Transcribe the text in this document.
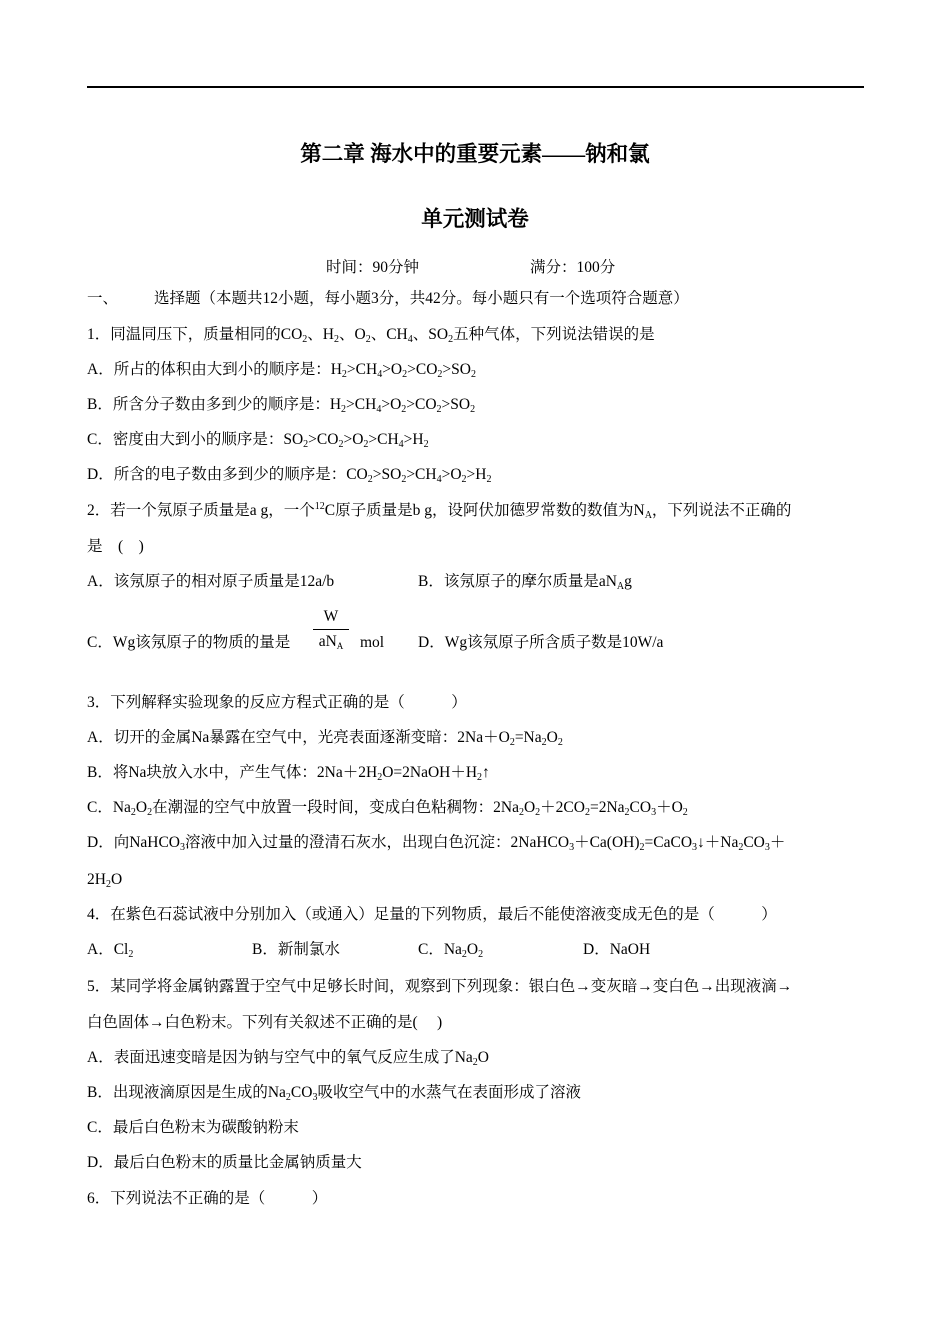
第二章 海水中的重要元素——钠和氯
单元测试卷
时间：90分钟	满分：100分
一、 选择题（本题共12小题，每小题3分，共42分。每小题只有一个选项符合题意）
1．同温同压下，质量相同的$CO_2$、$H_2$、$O_2$、$CH_4$、$SO_2$五种气体，下列说法错误的是
A．所占的体积由大到小的顺序是：$H_2>CH_4>O_2>CO_2>SO_2$
B．所含分子数由多到少的顺序是：$H_2>CH_4>O_2>CO_2>SO_2$
C．密度由大到小的顺序是：$SO_2>CO_2>O_2>CH_4>H_2$
D．所含的电子数由多到少的顺序是：$CO_2>SO_2>CH_4>O_2>H_2$
2．若一个氖原子质量是a g，一个$^{12}$C原子质量是b g，设阿伏加德罗常数的数值为$N_A$，下列说法不正确的
是　(　)
A．该氖原子的相对原子质量是12a/b	B．该氖原子的摩尔质量是$aN_Ag$
C．Wg该氖原子的物质的量是
W
$aN_A$	mol D．Wg该氖原子所含质子数是10W/a
3．下列解释实验现象的反应方程式正确的是（　　　）
A．切开的金属Na暴露在空气中，光亮表面逐渐变暗：$2Na+O_2=Na_2O_2$
B．将Na块放入水中，产生气体：$2Na+2H_2O=2NaOH+H_2↑$
C．$Na_2O_2$在潮湿的空气中放置一段时间，变成白色粘稠物：$2Na_2O_2+2CO_2=2Na_2CO_3+O_2$
D．向NaHCO$_3$溶液中加入过量的澄清石灰水，出现白色沉淀：$2NaHCO_3+Ca(OH)_2=CaCO_3↓+Na_2CO_3+$
$2H_2O$
4．在紫色石蕊试液中分别加入（或通入）足量的下列物质，最后不能使溶液变成无色的是（　　　）
A．$Cl_2$	B．新制氯水	C．$Na_2O_2$	D．NaOH
5．某同学将金属钠露置于空气中足够长时间，观察到下列现象：银白色→变灰暗→变白色→出现液滴→
白色固体→白色粉末。下列有关叙述不正确的是(　 )
A．表面迅速变暗是因为钠与空气中的氧气反应生成了$Na_2O$
B．出现液滴原因是生成的$Na_2CO_3$吸收空气中的水蒸气在表面形成了溶液
C．最后白色粉末为碳酸钠粉末
D．最后白色粉末的质量比金属钠质量大
6．下列说法不正确的是（　　　）
